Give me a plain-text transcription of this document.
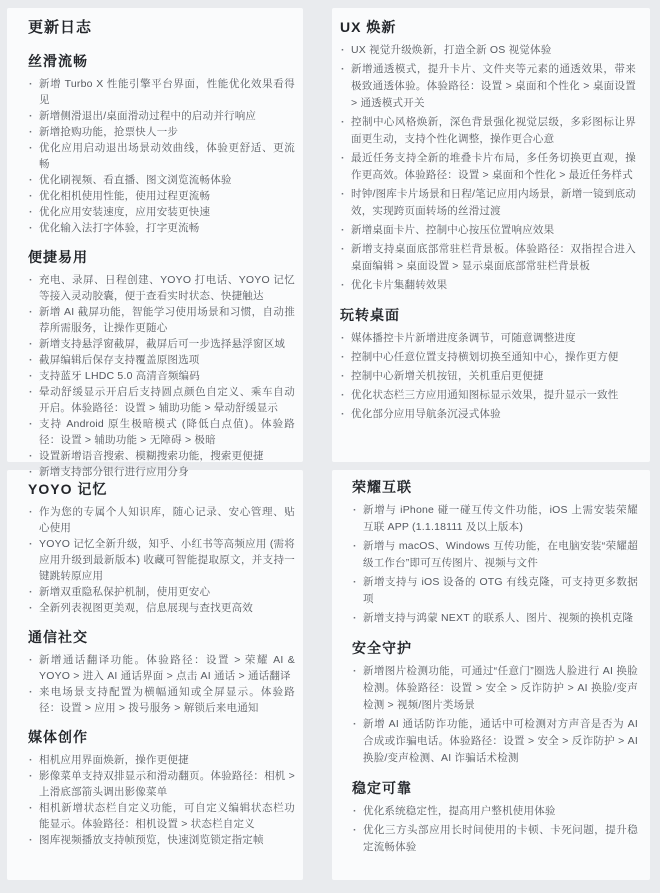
更新日志
丝滑流畅
· 新增 Turbo X 性能引擎平台界面，性能优化效果看得见
· 新增侧滑退出/桌面滑动过程中的启动并行响应
· 新增抢购功能，抢票快人一步
· 优化应用启动退出场景动效曲线，体验更舒适、更流畅
· 优化刷视频、看直播、图文浏览流畅体验
· 优化相机使用性能，使用过程更流畅
· 优化应用安装速度，应用安装更快速
· 优化输入法打字体验，打字更流畅
便捷易用
· 充电、录屏、日程创建、YOYO 打电话、YOYO 记忆等接入灵动胶囊，便于查看实时状态、快捷触达
· 新增 AI 截屏功能，智能学习使用场景和习惯，自动推荐所需服务，让操作更随心
· 新增支持悬浮窗截屏，截屏后可一步选择悬浮窗区域
· 截屏编辑后保存支持覆盖原图选项
· 支持蓝牙 LHDC 5.0 高清音频编码
· 晕动舒缓显示开启后支持圆点颜色自定义、乘车自动开启。体验路径：设置 > 辅助功能 > 晕动舒缓显示
· 支持 Android 原生极暗模式 (降低白点值)。体验路径：设置 > 辅助功能 > 无障碍 > 极暗
· 设置新增语音搜索、模糊搜索功能，搜索更便捷
· 新增支持部分银行进行应用分身
UX 焕新
· UX 视觉升级焕新，打造全新 OS 视觉体验
· 新增通透模式，提升卡片、文件夹等元素的通透效果，带来极致通透体验。体验路径：设置 > 桌面和个性化 > 桌面设置 > 通透模式开关
· 控制中心风格焕新，深色背景强化视觉层级，多彩图标让界面更生动，支持个性化调整，操作更合心意
· 最近任务支持全新的堆叠卡片布局，多任务切换更直观，操作更高效。体验路径：设置 > 桌面和个性化 > 最近任务样式
· 时钟/图库卡片场景和日程/笔记应用内场景，新增一镜到底动效，实现跨页面转场的丝滑过渡
· 新增桌面卡片、控制中心按压位置响应效果
· 新增支持桌面底部常驻栏背景板。体验路径：双指捏合进入桌面编辑 > 桌面设置 > 显示桌面底部常驻栏背景板
· 优化卡片集翻转效果
玩转桌面
· 媒体播控卡片新增进度条调节，可随意调整进度
· 控制中心任意位置支持横划切换至通知中心，操作更方便
· 控制中心新增关机按钮，关机重启更便捷
· 优化状态栏三方应用通知图标显示效果，提升显示一致性
· 优化部分应用导航条沉浸式体验
YOYO 记忆
· 作为您的专属个人知识库，随心记录、安心管理、贴心使用
· YOYO 记忆全新升级，知乎、小红书等高频应用 (需将应用升级到最新版本) 收藏可智能提取原文，并支持一键跳转原应用
· 新增双重隐私保护机制，使用更安心
· 全新列表视图更美观，信息展现与查找更高效
通信社交
· 新增通话翻译功能。体验路径：设置 > 荣耀 AI & YOYO > 进入 AI 通话界面 > 点击 AI 通话 > 通话翻译
· 来电场景支持配置为横幅通知或全屏显示。体验路径：设置 > 应用 > 拨号服务 > 解锁后来电通知
媒体创作
· 相机应用界面焕新，操作更便捷
· 影像菜单支持双排显示和滑动翻页。体验路径：相机 > 上滑底部箭头调出影像菜单
· 相机新增状态栏自定义功能，可自定义编辑状态栏功能显示。体验路径：相机设置 > 状态栏自定义
· 图库视频播放支持帧预览，快速浏览锁定指定帧
荣耀互联
· 新增与 iPhone 碰一碰互传文件功能，iOS 上需安装荣耀互联 APP (1.1.18111 及以上版本)
· 新增与 macOS、Windows 互传功能，在电脑安装“荣耀超级工作台”即可互传图片、视频与文件
· 新增支持与 iOS 设备的 OTG 有线克隆，可支持更多数据项
· 新增支持与鸿蒙 NEXT 的联系人、图片、视频的换机克隆
安全守护
· 新增图片检测功能，可通过“任意门”圈选人脸进行 AI 换脸检测。体验路径：设置 > 安全 > 反诈防护 > AI 换脸/变声检测 > 视频/图片类场景
· 新增 AI 通话防诈功能，通话中可检测对方声音是否为 AI 合成或诈骗电话。体验路径：设置 > 安全 > 反诈防护 > AI 换脸/变声检测、AI 诈骗话术检测
稳定可靠
· 优化系统稳定性，提高用户整机使用体验
· 优化三方头部应用长时间使用的卡顿、卡死问题，提升稳定流畅体验
